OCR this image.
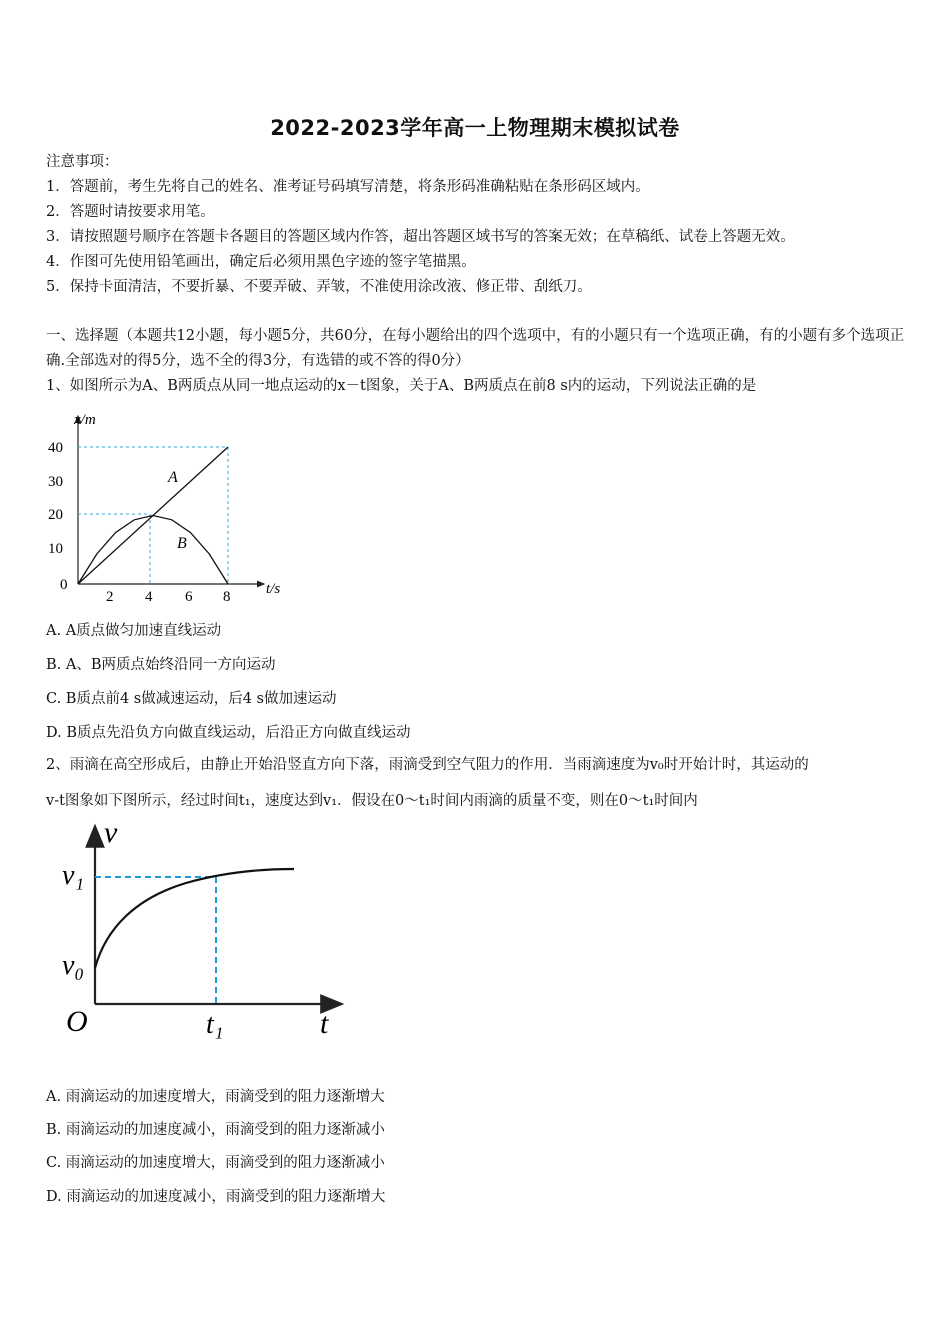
2022-2023学年高一上物理期末模拟试卷
注意事项：
1．答题前，考生先将自己的姓名、准考证号码填写清楚，将条形码准确粘贴在条形码区域内。
2．答题时请按要求用笔。
3．请按照题号顺序在答题卡各题目的答题区域内作答，超出答题区域书写的答案无效；在草稿纸、试卷上答题无效。
4．作图可先使用铅笔画出，确定后必须用黑色字迹的签字笔描黑。
5．保持卡面清洁，不要折暴、不要弄破、弄皱，不准使用涂改液、修正带、刮纸刀。
一、选择题（本题共12小题，每小题5分，共60分，在每小题给出的四个选项中，有的小题只有一个选项正确，有的小题有多个选项正确.全部选对的得5分，选不全的得3分，有选错的或不答的得0分）
1、如图所示为A、B两质点从同一地点运动的x－t图象，关于A、B两质点在前8 s内的运动，下列说法正确的是
x/m
40
30
20
10
0
2 4 6 8 t/s
A
B
A. A质点做匀加速直线运动
B. A、B两质点始终沿同一方向运动
C. B质点前4 s做减速运动，后4 s做加速运动
D. B质点先沿负方向做直线运动，后沿正方向做直线运动
2、雨滴在高空形成后，由静止开始沿竖直方向下落，雨滴受到空气阻力的作用．当雨滴速度为v₀时开始计时，其运动的
v-t图象如下图所示，经过时间t₁，速度达到v₁．假设在0～t₁时间内雨滴的质量不变，则在0～t₁时间内
v
v₁
v₀
O	t₁	t
A. 雨滴运动的加速度增大，雨滴受到的阻力逐渐增大
B. 雨滴运动的加速度减小，雨滴受到的阻力逐渐减小
C. 雨滴运动的加速度增大，雨滴受到的阻力逐渐减小
D. 雨滴运动的加速度减小，雨滴受到的阻力逐渐增大
